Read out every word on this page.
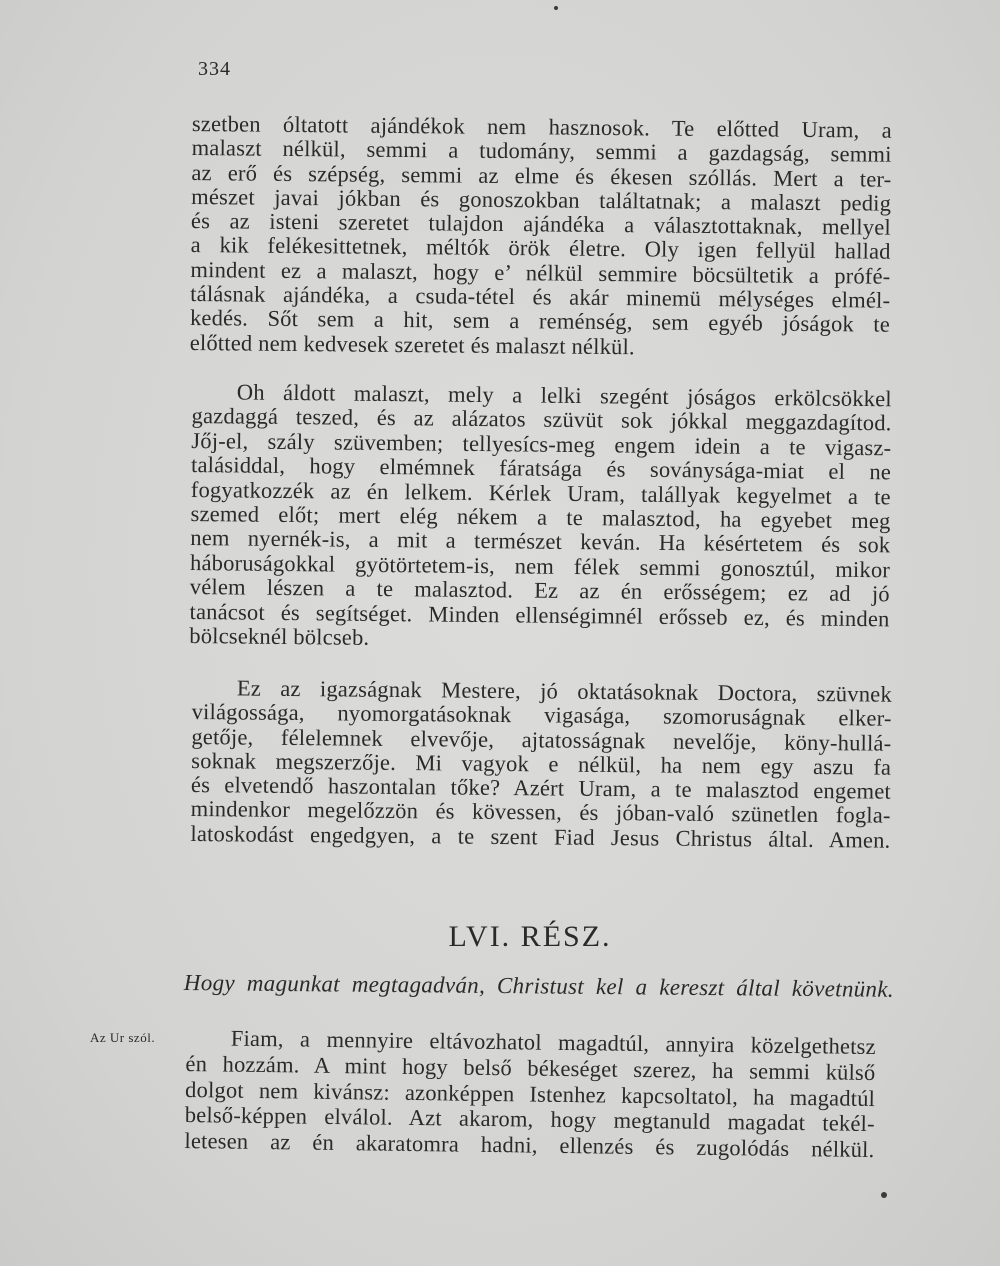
334
szetben óltatott ajándékok nem hasznosok. Te előtted Uram, a
malaszt nélkül, semmi a tudomány, semmi a gazdagság, semmi
az erő és szépség, semmi az elme és ékesen szóllás. Mert a ter-
mészet javai jókban és gonoszokban találtatnak; a malaszt pedig
és az isteni szeretet tulajdon ajándéka a választottaknak, mellyel
a kik felékesittetnek, méltók örök életre. Oly igen fellyül hallad
mindent ez a malaszt, hogy e’ nélkül semmire böcsültetik a prófé-
tálásnak ajándéka, a csuda-tétel és akár minemü mélységes elmél-
kedés. Sőt sem a hit, sem a reménség, sem egyéb jóságok te
előtted nem kedvesek szeretet és malaszt nélkül.
Oh áldott malaszt, mely a lelki szegént jóságos erkölcsökkel
gazdaggá teszed, és az alázatos szüvüt sok jókkal meggazdagítod.
Jőj-el, szály szüvemben; tellyesícs-meg engem idein a te vigasz-
talásiddal, hogy elmémnek fáratsága és soványsága-miat el ne
fogyatkozzék az én lelkem. Kérlek Uram, talállyak kegyelmet a te
szemed előt; mert elég nékem a te malasztod, ha egyebet meg
nem nyernék-is, a mit a természet keván. Ha késértetem és sok
háboruságokkal gyötörtetem-is, nem félek semmi gonosztúl, mikor
vélem lészen a te malasztod. Ez az én erősségem; ez ad jó
tanácsot és segítséget. Minden ellenségimnél erősseb ez, és minden
bölcseknél bölcseb.
Ez az igazságnak Mestere, jó oktatásoknak Doctora, szüvnek
világossága, nyomorgatásoknak vigasága, szomoruságnak elker-
getője, félelemnek elvevője, ajtatosságnak nevelője, köny-hullá-
soknak megszerzője. Mi vagyok e nélkül, ha nem egy aszu fa
és elvetendő haszontalan tőke? Azért Uram, a te malasztod engemet
mindenkor megelőzzön és kövessen, és jóban-való szünetlen fogla-
latoskodást engedgyen, a te szent Fiad Jesus Christus által. Amen.
LVI. RÉSZ.
Hogy magunkat megtagadván, Christust kel a kereszt által követnünk.
Az Ur szól.	Fiam, a mennyire eltávozhatol magadtúl, annyira közelgethetsz
én hozzám. A mint hogy belső békeséget szerez, ha semmi külső
dolgot nem kivánsz: azonképpen Istenhez kapcsoltatol, ha magadtúl
belső-képpen elválol. Azt akarom, hogy megtanuld magadat tekél-
letesen az én akaratomra hadni, ellenzés és zugolódás nélkül.
